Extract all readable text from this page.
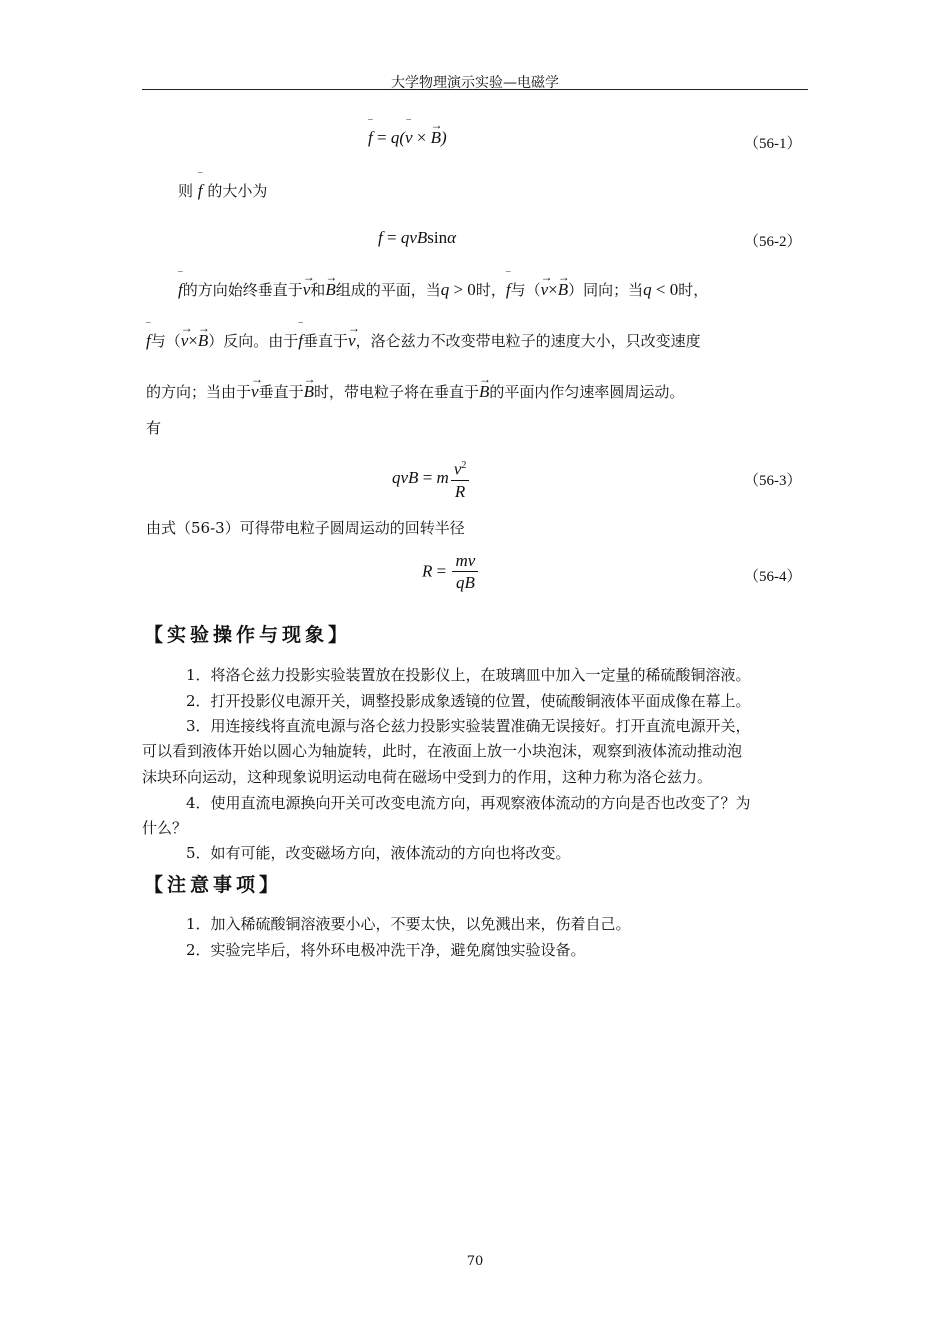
大学物理演示实验—电磁学
f
‾
= q(v
‾
× B
→
)	（56-1）
则 f
‾
的大小为
f = qvBsinα	（56-2）
f
‾
的方向始终垂直于v
→
和B
→
组成的平面，当q > 0时，f
‾
与（v
→
×B
→
）同向；当q < 0时，
f
‾
与（v
→
×B
→
）反向。由于f
‾
垂直于v
→
，洛仑兹力不改变带电粒子的速度大小，只改变速度
的方向；当由于v
→
垂直于B
→
时，带电粒子将在垂直于B
→
的平面内作匀速率圆周运动。
有
qvB = m $\frac{v^2}{R}$	（56-3）
由式（56-3）可得带电粒子圆周运动的回转半径
$R = \frac{mv}{qB}$	（56-4）
【实验操作与现象】
1．将洛仑兹力投影实验装置放在投影仪上，在玻璃皿中加入一定量的稀硫酸铜溶液。
2．打开投影仪电源开关，调整投影成象透镜的位置，使硫酸铜液体平面成像在幕上。
3．用连接线将直流电源与洛仑兹力投影实验装置准确无误接好。打开直流电源开关，
可以看到液体开始以圆心为轴旋转，此时，在液面上放一小块泡沫，观察到液体流动推动泡
沫块环向运动，这种现象说明运动电荷在磁场中受到力的作用，这种力称为洛仑兹力。
4．使用直流电源换向开关可改变电流方向，再观察液体流动的方向是否也改变了？为
什么？
5．如有可能，改变磁场方向，液体流动的方向也将改变。
【注意事项】
1．加入稀硫酸铜溶液要小心，不要太快，以免溅出来，伤着自己。
2．实验完毕后，将外环电极冲洗干净，避免腐蚀实验设备。
70
